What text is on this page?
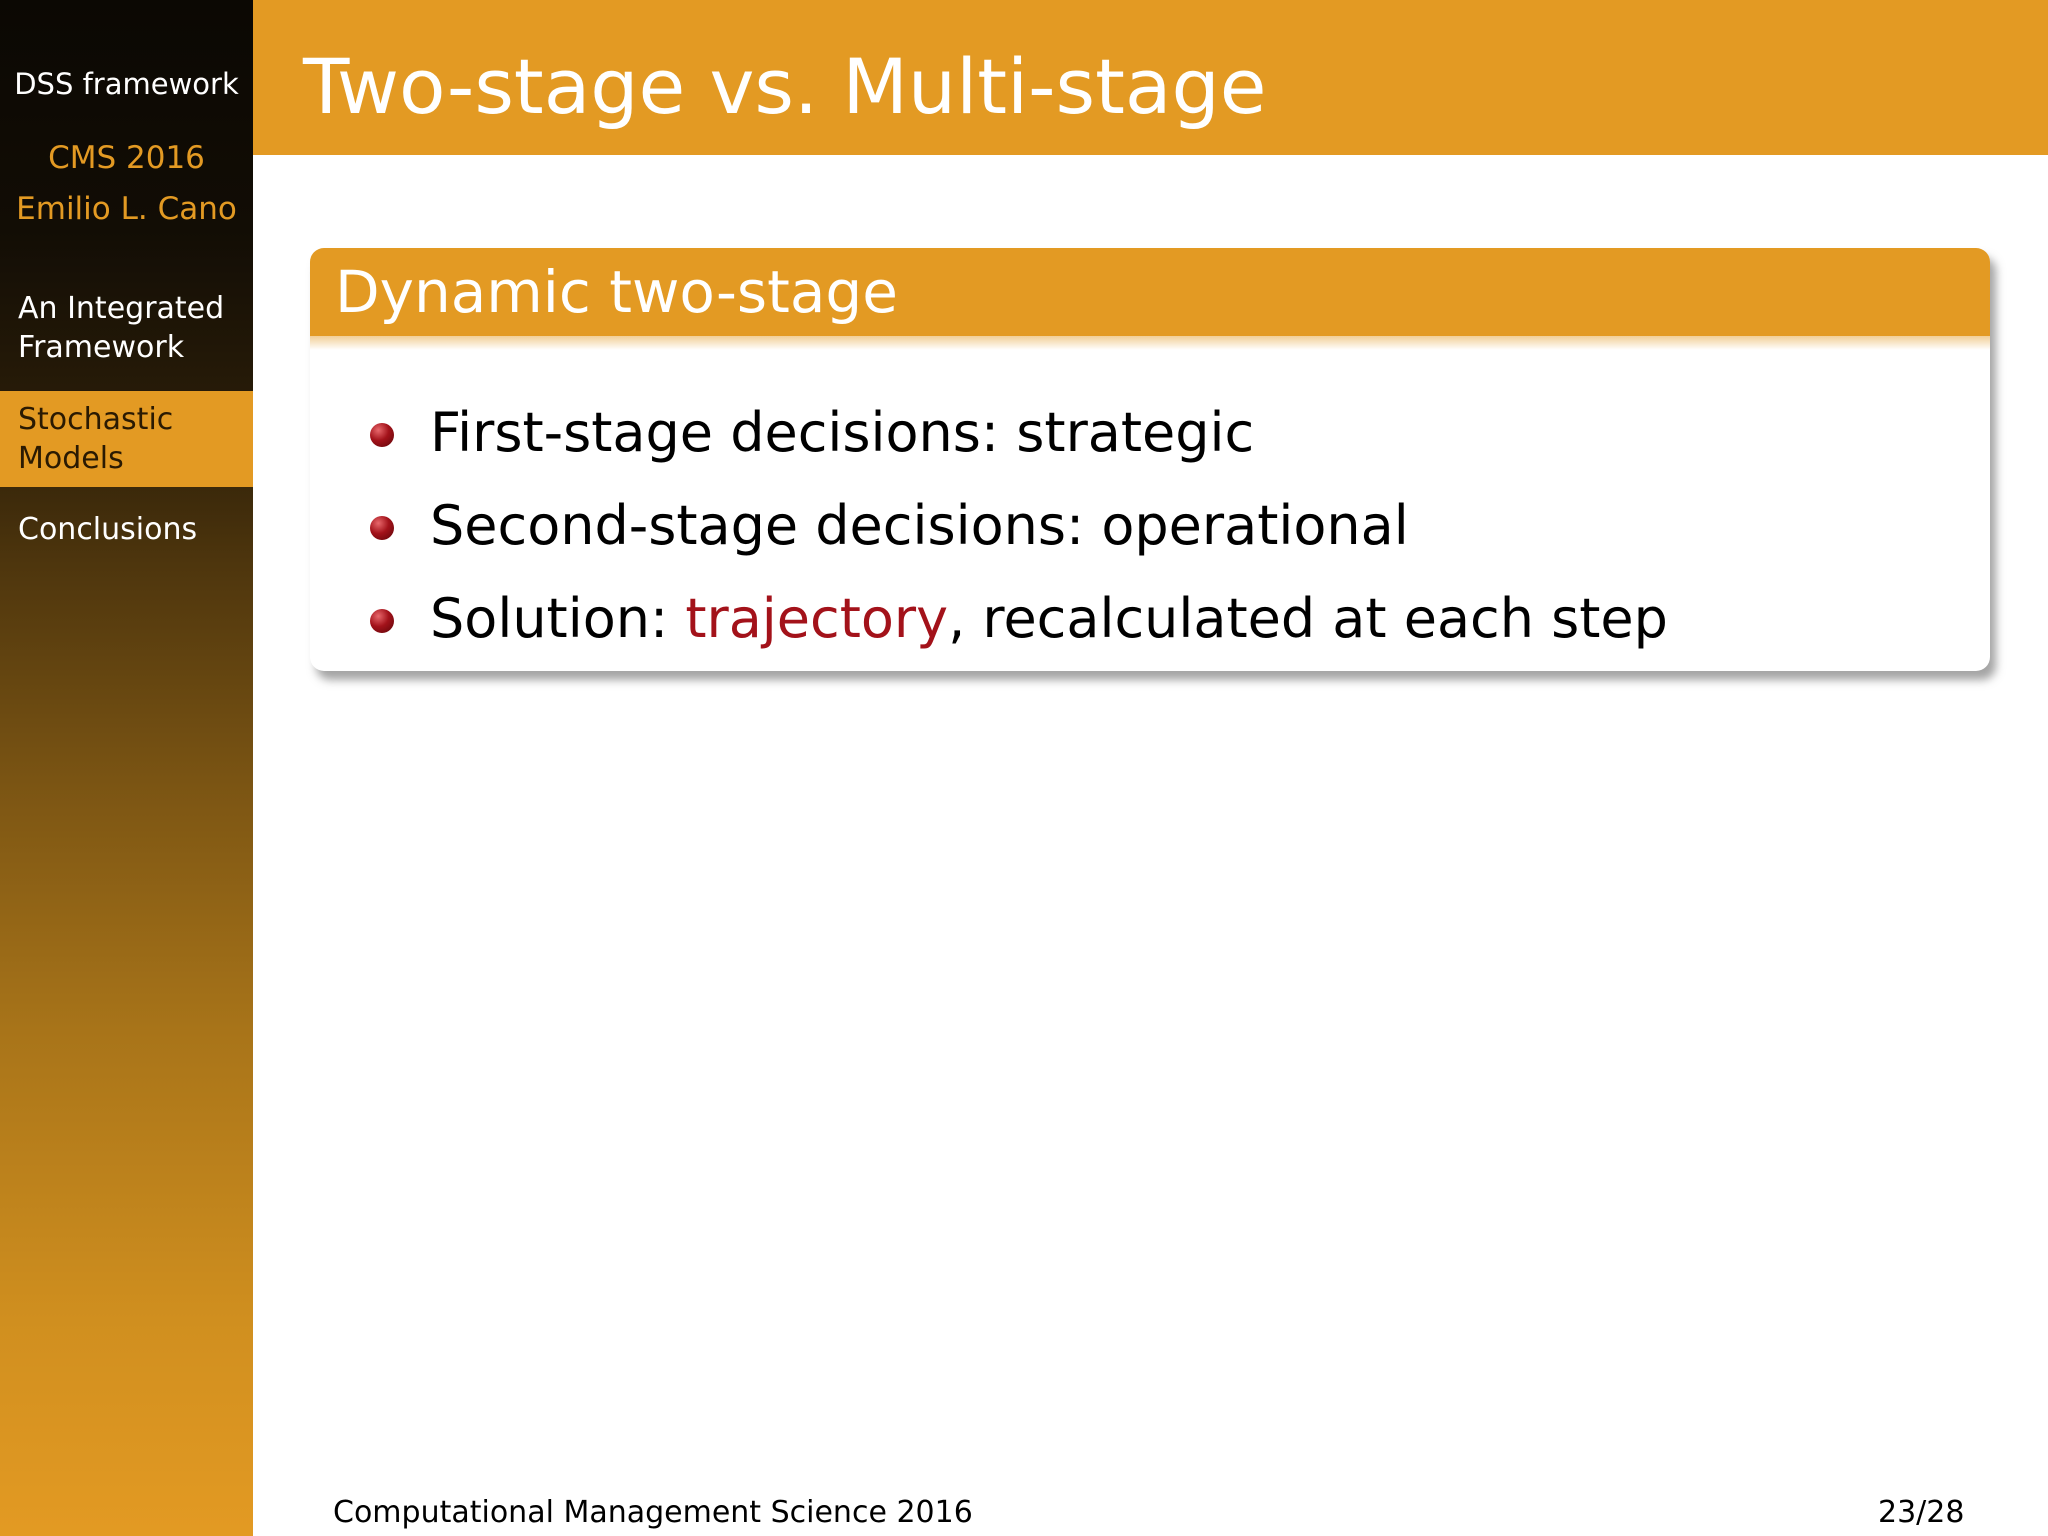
DSS framework
CMS 2016
Emilio L. Cano
An Integrated
Framework
Stochastic
Models
Conclusions
Two-stage vs. Multi-stage
Dynamic two-stage
First-stage decisions: strategic
Second-stage decisions: operational
Solution: trajectory, recalculated at each step
Computational Management Science 2016	23/28
